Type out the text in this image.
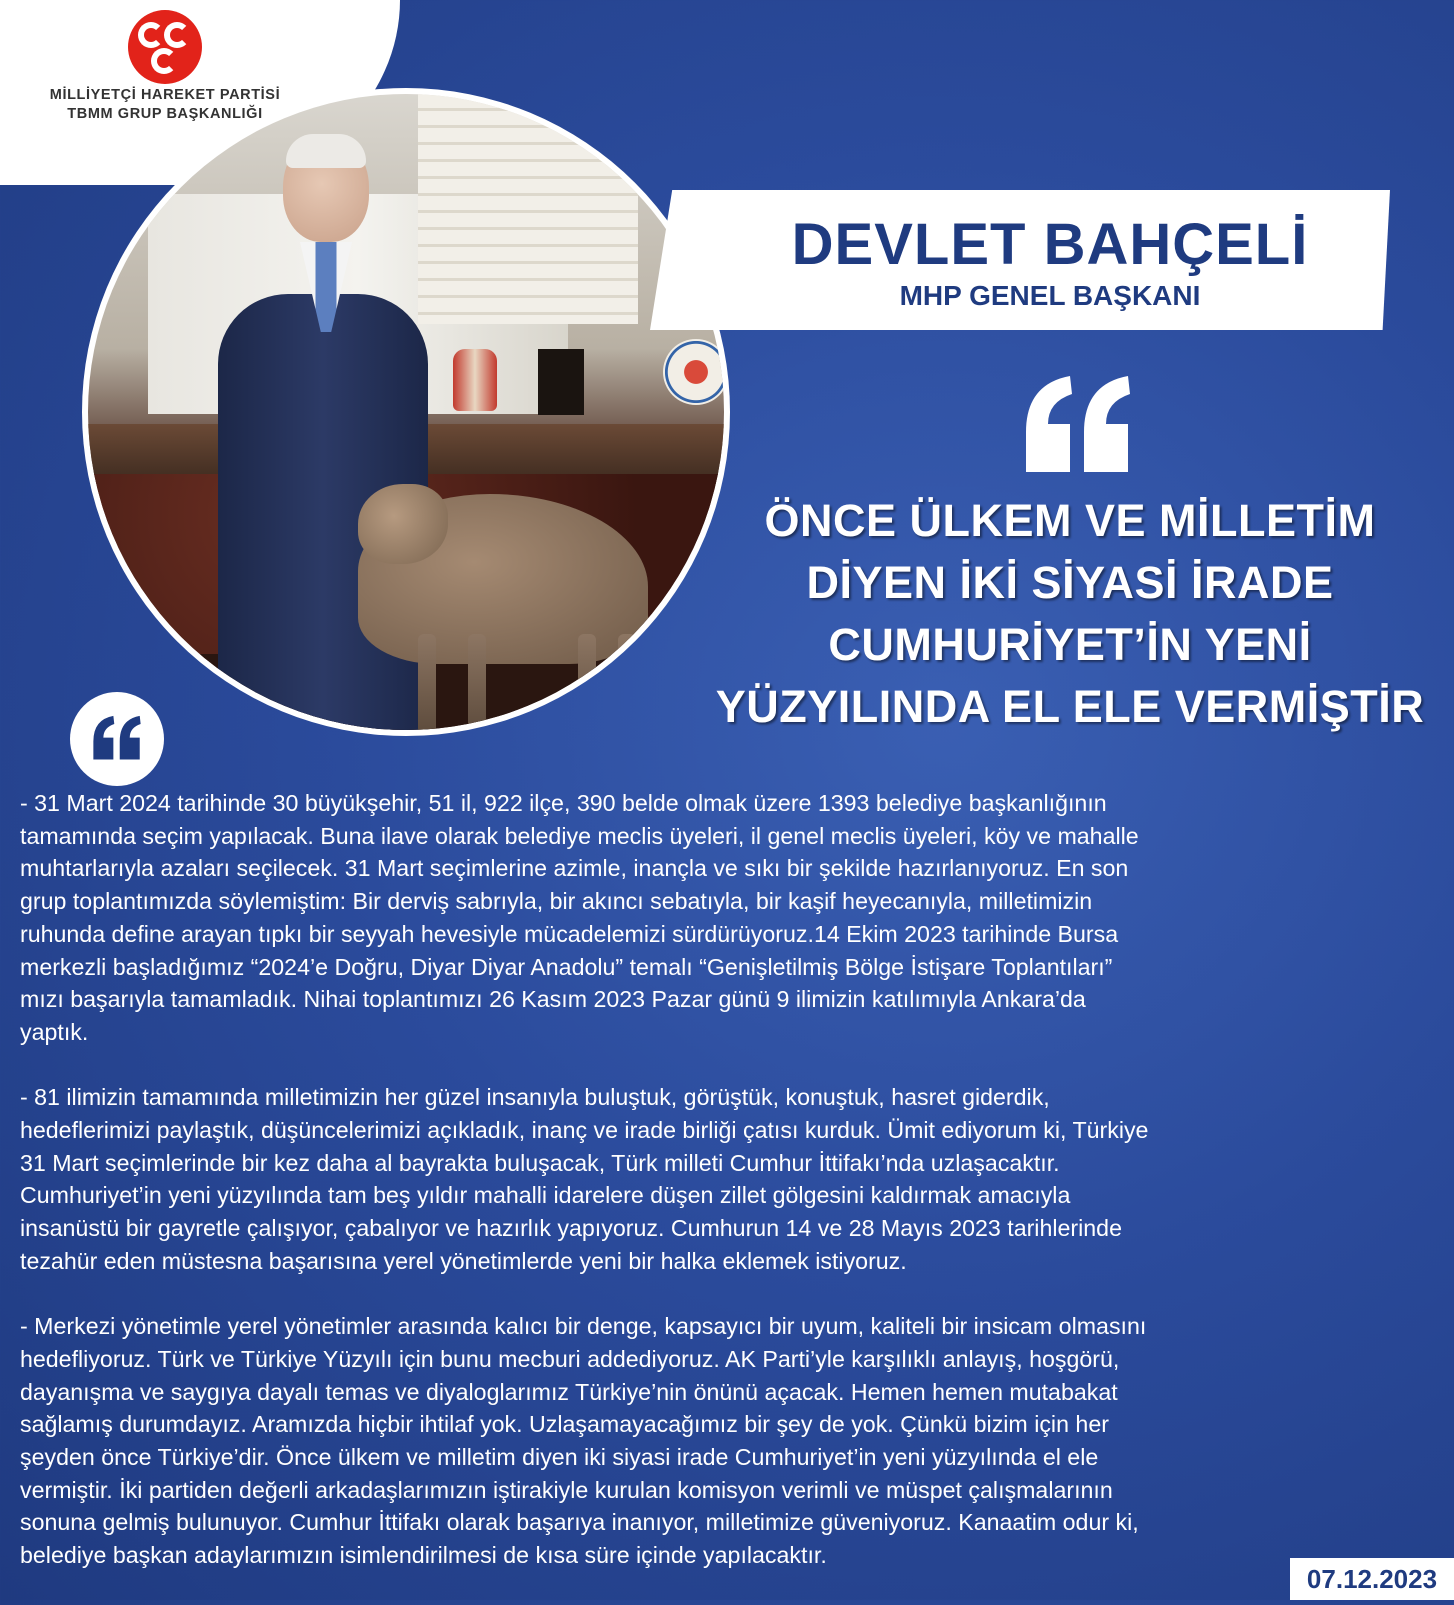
MİLLİYETÇİ HAREKET PARTİSİ
TBMM GRUP BAŞKANLIĞI
DEVLET BAHÇELİ
MHP GENEL BAŞKANI
ÖNCE ÜLKEM VE MİLLETİM
DİYEN İKİ SİYASİ İRADE
CUMHURİYET’İN YENİ
YÜZYILINDA EL ELE VERMİŞTİR

- 31 Mart 2024 tarihinde 30 büyükşehir, 51 il, 922 ilçe, 390 belde olmak üzere 1393 belediye başkanlığının
tamamında seçim yapılacak. Buna ilave olarak belediye meclis üyeleri, il genel meclis üyeleri, köy ve mahalle
muhtarlarıyla azaları seçilecek. 31 Mart seçimlerine azimle, inançla ve sıkı bir şekilde hazırlanıyoruz. En son
grup toplantımızda söylemiştim: Bir derviş sabrıyla, bir akıncı sebatıyla, bir kaşif heyecanıyla, milletimizin
ruhunda define arayan tıpkı bir seyyah hevesiyle mücadelemizi sürdürüyoruz.14 Ekim 2023 tarihinde Bursa
merkezli başladığımız “2024’e Doğru, Diyar Diyar Anadolu” temalı “Genişletilmiş Bölge İstişare Toplantıları”
mızı başarıyla tamamladık. Nihai toplantımızı 26 Kasım 2023 Pazar günü 9 ilimizin katılımıyla Ankara’da
yaptık.

- 81 ilimizin tamamında milletimizin her güzel insanıyla buluştuk, görüştük, konuştuk, hasret giderdik,
hedeflerimizi paylaştık, düşüncelerimizi açıkladık, inanç ve irade birliği çatısı kurduk. Ümit ediyorum ki, Türkiye
31 Mart seçimlerinde bir kez daha al bayrakta buluşacak, Türk milleti Cumhur İttifakı’nda uzlaşacaktır.
Cumhuriyet’in yeni yüzyılında tam beş yıldır mahalli idarelere düşen zillet gölgesini kaldırmak amacıyla
insanüstü bir gayretle çalışıyor, çabalıyor ve hazırlık yapıyoruz. Cumhurun 14 ve 28 Mayıs 2023 tarihlerinde
tezahür eden müstesna başarısına yerel yönetimlerde yeni bir halka eklemek istiyoruz.

- Merkezi yönetimle yerel yönetimler arasında kalıcı bir denge, kapsayıcı bir uyum, kaliteli bir insicam olmasını
hedefliyoruz. Türk ve Türkiye Yüzyılı için bunu mecburi addediyoruz. AK Parti’yle karşılıklı anlayış, hoşgörü,
dayanışma ve saygıya dayalı temas ve diyaloglarımız Türkiye’nin önünü açacak. Hemen hemen mutabakat
sağlamış durumdayız. Aramızda hiçbir ihtilaf yok. Uzlaşamayacağımız bir şey de yok. Çünkü bizim için her
şeyden önce Türkiye’dir. Önce ülkem ve milletim diyen iki siyasi irade Cumhuriyet’in yeni yüzyılında el ele
vermiştir. İki partiden değerli arkadaşlarımızın iştirakiyle kurulan komisyon verimli ve müspet çalışmalarının
sonuna gelmiş bulunuyor. Cumhur İttifakı olarak başarıya inanıyor, milletimize güveniyoruz. Kanaatim odur ki,
belediye başkan adaylarımızın isimlendirilmesi de kısa süre içinde yapılacaktır.

07.12.2023
